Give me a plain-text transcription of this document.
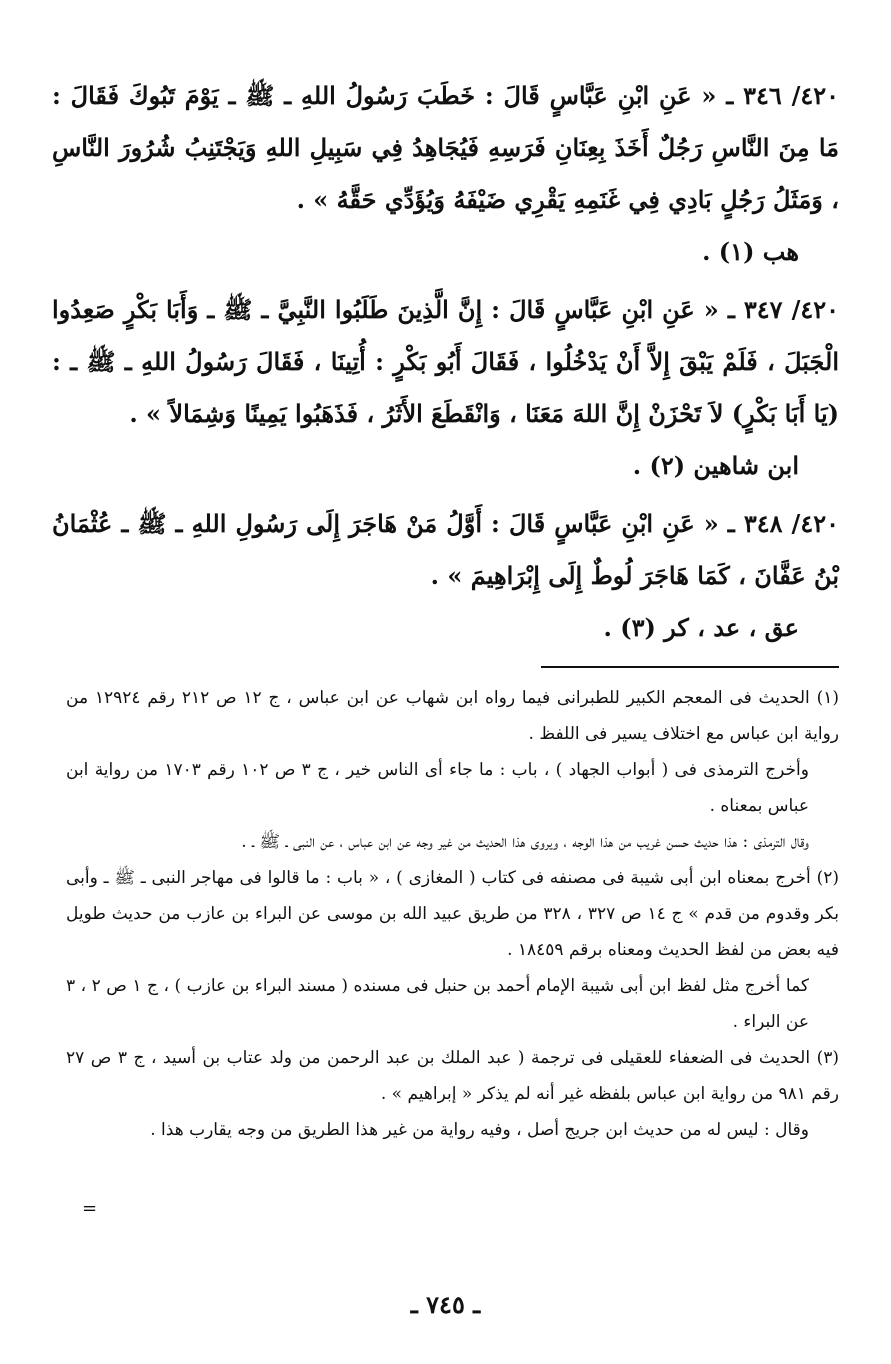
٤٢٠/ ٣٤٦ ـ « عَنِ ابْنِ عَبَّاسٍ قَالَ : خَطَبَ رَسُولُ اللهِ ـ ﷺ ـ يَوْمَ تَبُوكَ فَقَالَ : مَا مِنَ النَّاسِ رَجُلٌ أَخَذَ بِعِنَانِ فَرَسِهِ فَيُجَاهِدُ فِي سَبِيلِ اللهِ وَيَجْتَنِبُ شُرُورَ النَّاسِ ، وَمَثَلُ رَجُلٍ بَادِي فِي غَنَمِهِ يَقْرِي ضَيْفَهُ وَيُؤَدِّي حَقَّهُ » .

هب (١) .

٤٢٠/ ٣٤٧ ـ « عَنِ ابْنِ عَبَّاسٍ قَالَ : إِنَّ الَّذِينَ طَلَبُوا النَّبِيَّ ـ ﷺ ـ وَأَبَا بَكْرٍ صَعِدُوا الْجَبَلَ ، فَلَمْ يَبْقَ إِلاَّ أَنْ يَدْخُلُوا ، فَقَالَ أَبُو بَكْرٍ : أُتِينَا ، فَقَالَ رَسُولُ اللهِ ـ ﷺ ـ : (يَا أَبَا بَكْرٍ) لاَ تَحْزَنْ إِنَّ اللهَ مَعَنَا ، وَانْقَطَعَ الأَثَرُ ، فَذَهَبُوا يَمِينًا وَشِمَالاً » .

ابن شاهين (٢) .

٤٢٠/ ٣٤٨ ـ « عَنِ ابْنِ عَبَّاسٍ قَالَ : أَوَّلُ مَنْ هَاجَرَ إِلَى رَسُولِ اللهِ ـ ﷺ ـ عُثْمَانُ بْنُ عَفَّانَ ، كَمَا هَاجَرَ لُوطٌ إِلَى إِبْرَاهِيمَ » .

عق ، عد ، كر (٣) .

(١) الحديث فى المعجم الكبير للطبرانى فيما رواه ابن شهاب عن ابن عباس ، ج ١٢ ص ٢١٢ رقم ١٢٩٢٤ من رواية ابن عباس مع اختلاف يسير فى اللفظ .

وأخرج الترمذى فى ( أبواب الجهاد ) ، باب : ما جاء أى الناس خير ، ج ٣ ص ١٠٢ رقم ١٧٠٣ من رواية ابن عباس بمعناه .

وقال الترمذى : هذا حديث حسن غريب من هذا الوجه ، ويروى هذا الحديث من غير وجه عن ابن عباس ، عن النبى ـ ﷺ ـ .

(٢) أخرج بمعناه ابن أبى شيبة فى مصنفه فى كتاب ( المغازى ) ، « باب : ما قالوا فى مهاجر النبى ـ ﷺ ـ وأبى بكر وقدوم من قدم » ج ١٤ ص ٣٢٧ ، ٣٢٨ من طريق عبيد الله بن موسى عن البراء بن عازب من حديث طويل فيه بعض من لفظ الحديث ومعناه برقم ١٨٤٥٩ .

كما أخرج مثل لفظ ابن أبى شيبة الإمام أحمد بن حنبل فى مسنده ( مسند البراء بن عازب ) ، ج ١ ص ٢ ، ٣ عن البراء .

(٣) الحديث فى الضعفاء للعقيلى فى ترجمة ( عبد الملك بن عبد الرحمن من ولد عتاب بن أسيد ، ج ٣ ص ٢٧ رقم ٩٨١ من رواية ابن عباس بلفظه غير أنه لم يذكر « إبراهيم » .

وقال : ليس له من حديث ابن جريج أصل ، وفيه رواية من غير هذا الطريق من وجه يقارب هذا .

=
ـ ٧٤٥ ـ
